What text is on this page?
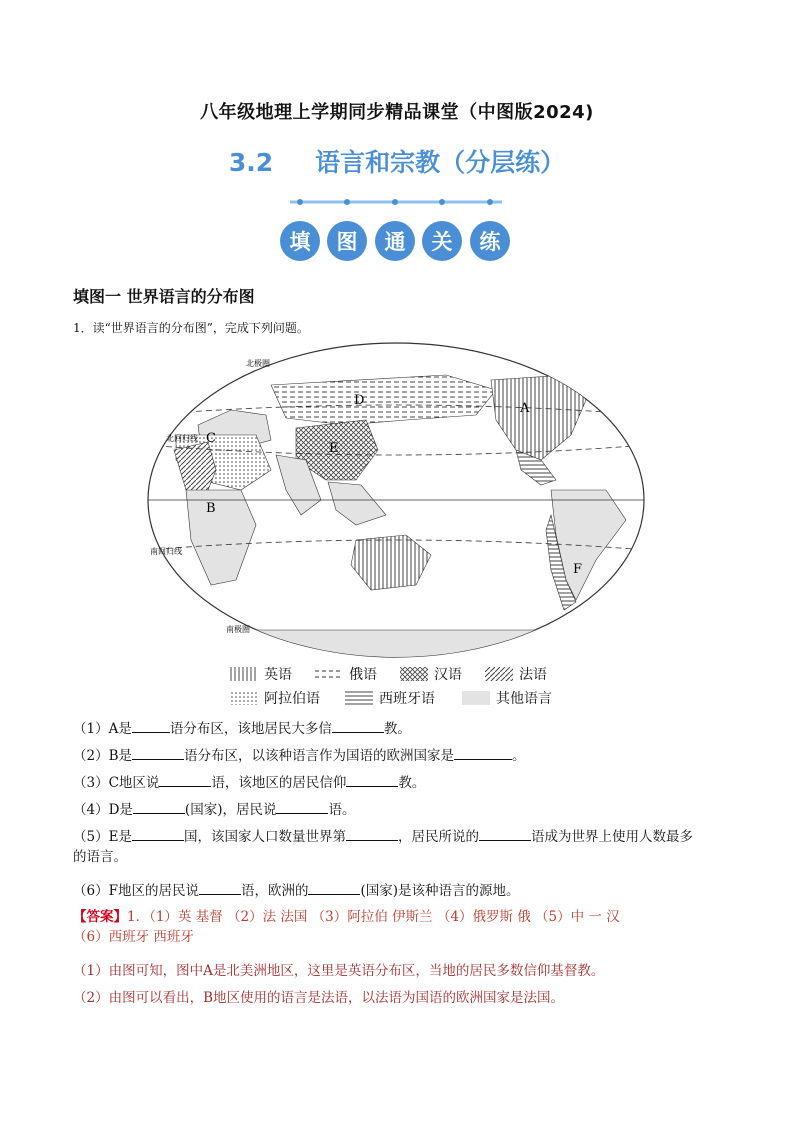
八年级地理上学期同步精品课堂（中图版2024)
3.2 语言和宗教（分层练）
填 图 通 关 练
填图一 世界语言的分布图
1．读“世界语言的分布图”，完成下列问题。
北极圈
北回归线
南回归线
南极圈
A
B
C
D
E
F
英语	俄语	汉语	法语
阿拉伯语	西班牙语	其他语言
（1）A是	语分布区，该地居民大多信	教。
（2）B是	语分布区，以该种语言作为国语的欧洲国家是	。
（3）C地区说	语，该地区的居民信仰	教。
（4）D是	(国家)，居民说	语。
（5）E是	国，该国家人口数量世界第	，居民所说的	语成为世界上使用人数最多
的语言。
（6）F地区的居民说	语，欧洲的	(国家)是该种语言的源地。
【答案】1．（1）英 基督 （2）法 法国 （3）阿拉伯 伊斯兰 （4）俄罗斯 俄 （5）中 一 汉
（6）西班牙 西班牙
（1）由图可知，图中A是北美洲地区，这里是英语分布区，当地的居民多数信仰基督教。
（2）由图可以看出，B地区使用的语言是法语，以法语为国语的欧洲国家是法国。
